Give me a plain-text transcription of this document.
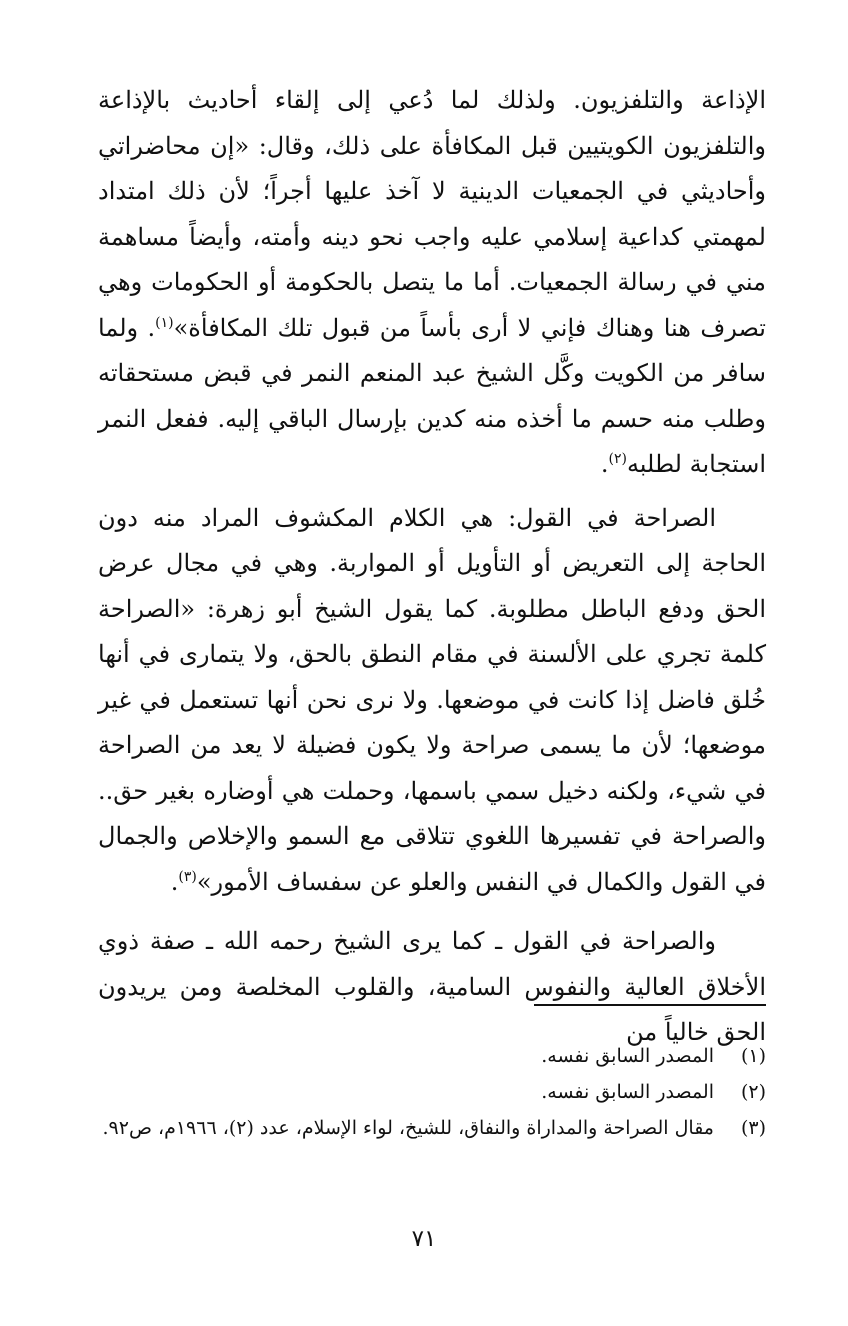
الإذاعة والتلفزيون. ولذلك لما دُعي إلى إلقاء أحاديث بالإذاعة والتلفزيون الكويتيين قبل المكافأة على ذلك، وقال: «إن محاضراتي وأحاديثي في الجمعيات الدينية لا آخذ عليها أجراً؛ لأن ذلك امتداد لمهمتي كداعية إسلامي عليه واجب نحو دينه وأمته، وأيضاً مساهمة مني في رسالة الجمعيات. أما ما يتصل بالحكومة أو الحكومات وهي تصرف هنا وهناك فإني لا أرى بأساً من قبول تلك المكافأة»$^{(١)}$. ولما سافر من الكويت وكَّل الشيخ عبد المنعم النمر في قبض مستحقاته وطلب منه حسم ما أخذه منه كدين بإرسال الباقي إليه. ففعل النمر استجابة لطلبه$^{(٢)}$.

الصراحة في القول: هي الكلام المكشوف المراد منه دون الحاجة إلى التعريض أو التأويل أو المواربة. وهي في مجال عرض الحق ودفع الباطل مطلوبة. كما يقول الشيخ أبو زهرة: «الصراحة كلمة تجري على الألسنة في مقام النطق بالحق، ولا يتمارى في أنها خُلق فاضل إذا كانت في موضعها. ولا نرى نحن أنها تستعمل في غير موضعها؛ لأن ما يسمى صراحة ولا يكون فضيلة لا يعد من الصراحة في شيء، ولكنه دخيل سمي باسمها، وحملت هي أوضاره بغير حق.. والصراحة في تفسيرها اللغوي تتلاقى مع السمو والإخلاص والجمال في القول والكمال في النفس والعلو عن سفساف الأمور»$^{(٣)}$.

والصراحة في القول ـ كما يرى الشيخ رحمه الله ـ صفة ذوي الأخلاق العالية والنفوس السامية، والقلوب المخلصة ومن يريدون الحق خالياً من

(١)
المصدر السابق نفسه.
(٢)
المصدر السابق نفسه.
(٣)
مقال الصراحة والمداراة والنفاق، للشيخ، لواء الإسلام، عدد (٢)، ١٩٦٦م، ص٩٢.
٧١
